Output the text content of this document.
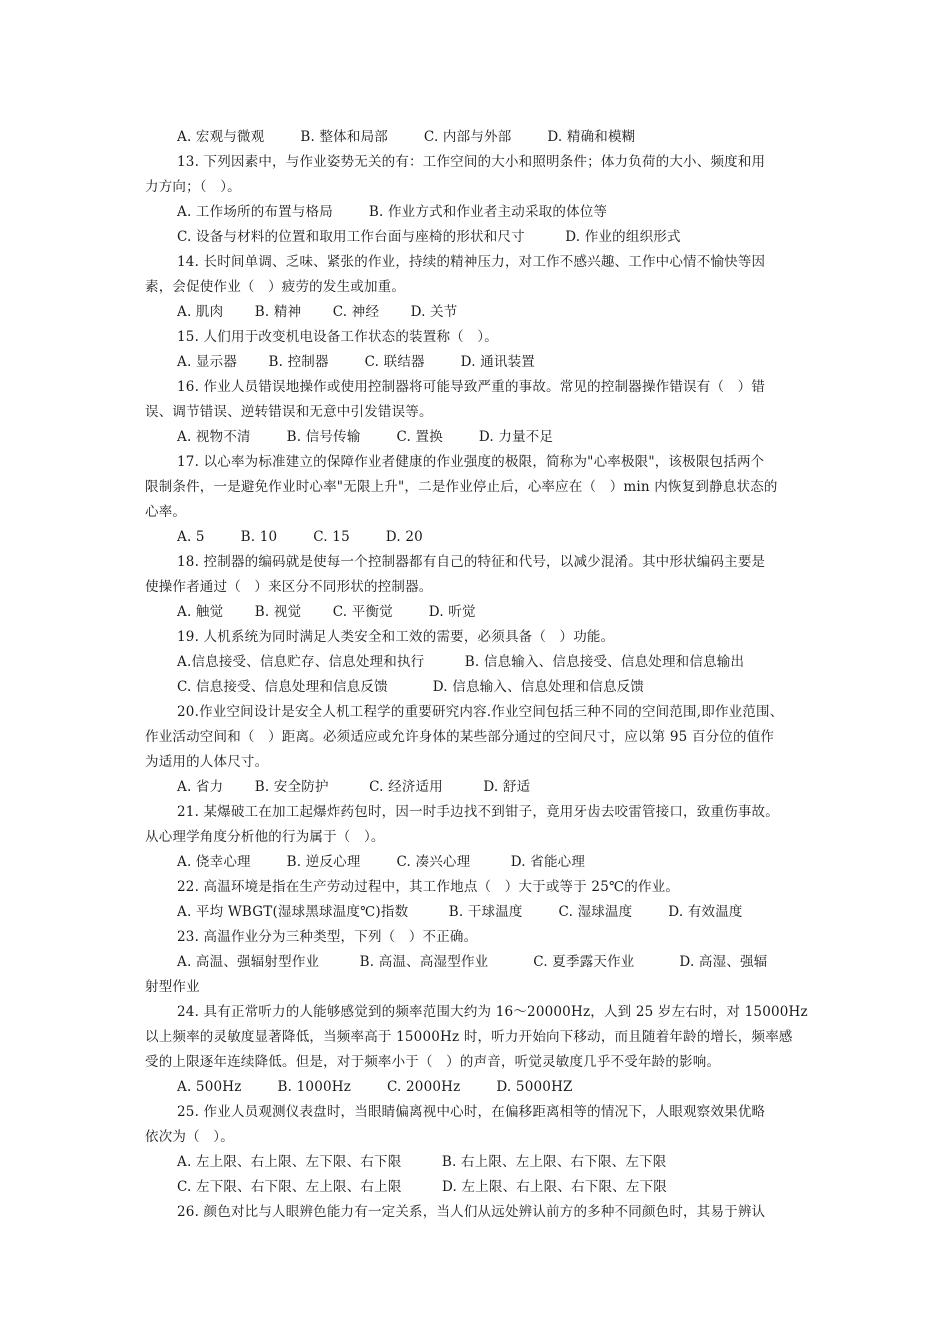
A. 宏观与微观        B. 整体和局部        C. 内部与外部        D. 精确和模糊
13. 下列因素中，与作业姿势无关的有：工作空间的大小和照明条件；体力负荷的大小、频度和用
力方向；（   ）。
A. 工作场所的布置与格局        B. 作业方式和作业者主动采取的体位等
C. 设备与材料的位置和取用工作台面与座椅的形状和尺寸         D. 作业的组织形式
14. 长时间单调、乏味、紧张的作业，持续的精神压力，对工作不感兴趣、工作中心情不愉快等因
素，会促使作业（   ）疲劳的发生或加重。
A. 肌肉       B. 精神       C. 神经       D. 关节
15. 人们用于改变机电设备工作状态的装置称（   ）。
A. 显示器       B. 控制器        C. 联结器        D. 通讯装置
16. 作业人员错误地操作或使用控制器将可能导致严重的事故。常见的控制器操作错误有（   ）错
误、调节错误、逆转错误和无意中引发错误等。
A. 视物不清        B. 信号传输        C. 置换        D. 力量不足
17. 以心率为标准建立的保障作业者健康的作业强度的极限，简称为"心率极限"，该极限包括两个
限制条件，一是避免作业时心率"无限上升"，二是作业停止后，心率应在（   ）min 内恢复到静息状态的
心率。
A. 5        B. 10        C. 15        D. 20
18. 控制器的编码就是使每一个控制器都有自己的特征和代号，以减少混淆。其中形状编码主要是
使操作者通过（   ）来区分不同形状的控制器。
A. 触觉       B. 视觉       C. 平衡觉        D. 听觉
19. 人机系统为同时满足人类安全和工效的需要，必须具备（   ）功能。
A.信息接受、信息贮存、信息处理和执行         B. 信息输入、信息接受、信息处理和信息输出
C. 信息接受、信息处理和信息反馈          D. 信息输入、信息处理和信息反馈
20.作业空间设计是安全人机工程学的重要研究内容.作业空间包括三种不同的空间范围,即作业范围、
作业活动空间和（   ）距离。必须适应或允许身体的某些部分通过的空间尺寸，应以第 95 百分位的值作
为适用的人体尺寸。
A. 省力       B. 安全防护         C. 经济适用         D. 舒适
21. 某爆破工在加工起爆炸药包时，因一时手边找不到钳子，竟用牙齿去咬雷管接口，致重伤事故。
从心理学角度分析他的行为属于（   ）。
A. 侥幸心理        B. 逆反心理        C. 凑兴心理         D. 省能心理
22. 高温环境是指在生产劳动过程中，其工作地点（   ）大于或等于 25℃的作业。
A. 平均 WBGT(湿球黑球温度℃)指数         B. 干球温度        C. 湿球温度        D. 有效温度
23. 高温作业分为三种类型，下列（   ）不正确。
A. 高温、强辐射型作业         B. 高温、高湿型作业          C. 夏季露天作业          D. 高湿、强辐
射型作业
24. 具有正常听力的人能够感觉到的频率范围大约为 16～20000Hz，人到 25 岁左右时，对 15000Hz
以上频率的灵敏度显著降低，当频率高于 15000Hz 时，听力开始向下移动，而且随着年龄的增长，频率感
受的上限逐年连续降低。但是，对于频率小于（   ）的声音，听觉灵敏度几乎不受年龄的影响。
A. 500Hz        B. 1000Hz        C. 2000Hz        D. 5000HZ
25. 作业人员观测仪表盘时，当眼睛偏离视中心时，在偏移距离相等的情况下，人眼观察效果优略
依次为（   ）。
A. 左上限、右上限、左下限、右下限         B. 右上限、左上限、右下限、左下限
C. 左下限、右下限、左上限、右上限         D. 左上限、右上限、右下限、左下限
26. 颜色对比与人眼辨色能力有一定关系，当人们从远处辨认前方的多种不同颜色时，其易于辨认
